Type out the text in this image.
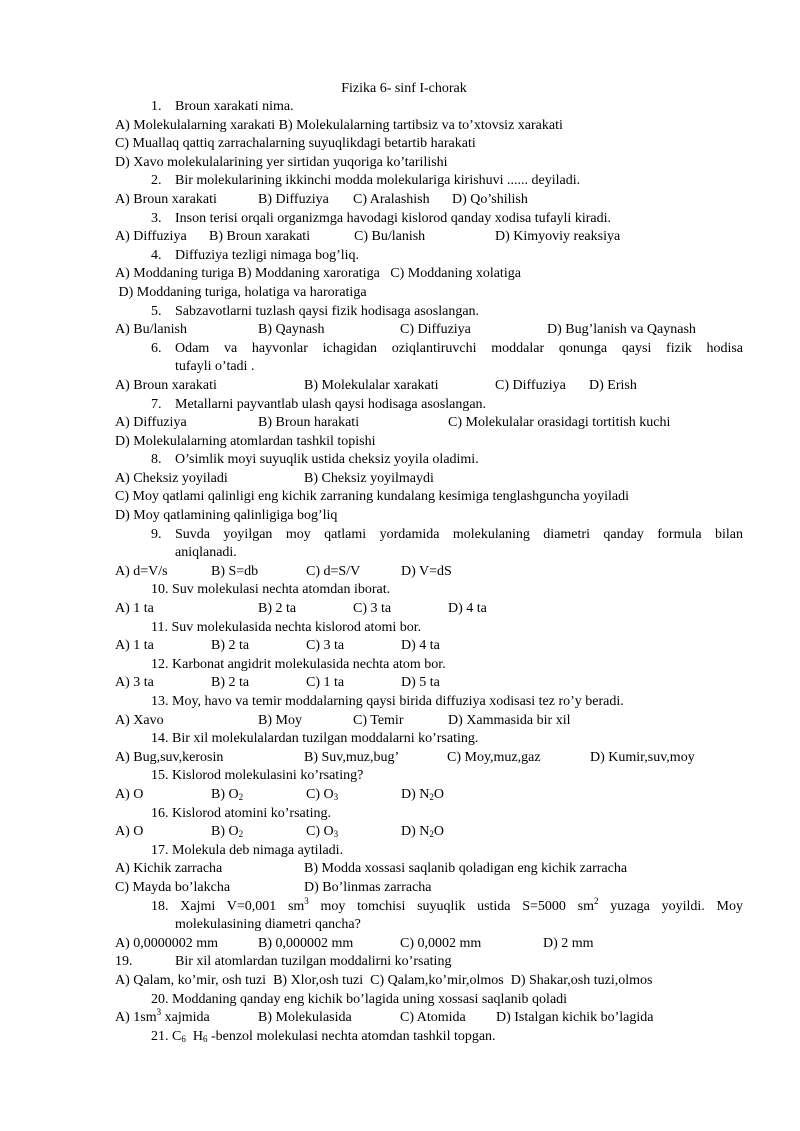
Fizika 6- sinf I-chorak
1. Broun xarakati nima.
A) Molekulalarning xarakati B) Molekulalarning tartibsiz va to’xtovsiz xarakati
C) Muallaq qattiq zarrachalarning suyuqlikdagi betartib harakati
D) Xavo molekulalarining yer sirtidan yuqoriga ko’tarilishi
2. Bir molekularining ikkinchi modda molekulariga kirishuvi ...... deyiladi.
A) Broun xarakati	B) Diffuziya	C) Aralashish	D) Qo’shilish
3. Inson terisi orqali organizmga havodagi kislorod qanday xodisa tufayli kiradi.
A) Diffuziya	B) Broun xarakati	C) Bu/lanish	D) Kimyoviy reaksiya
4. Diffuziya tezligi nimaga bog’liq.
A) Moddaning turiga B) Moddaning xaroratiga   C) Moddaning xolatiga
D) Moddaning turiga, holatiga va haroratiga
5. Sabzavotlarni tuzlash qaysi fizik hodisaga asoslangan.
A) Bu/lanish	B) Qaynash	C) Diffuziya	D) Bug’lanish va Qaynash
6. Odam va hayvonlar ichagidan oziqlantiruvchi moddalar qonunga qaysi fizik hodisa
tufayli o’tadi .
A) Broun xarakati	B) Molekulalar xarakati	C) Diffuziya	D) Erish
7. Metallarni payvantlab ulash qaysi hodisaga asoslangan.
A) Diffuziya	B) Broun harakati	C) Molekulalar orasidagi tortitish kuchi
D) Molekulalarning atomlardan tashkil topishi
8. O’simlik moyi suyuqlik ustida cheksiz yoyila oladimi.
A) Cheksiz yoyiladi	B) Cheksiz yoyilmaydi
C) Moy qatlami qalinligi eng kichik zarraning kundalang kesimiga tenglashguncha yoyiladi
D) Moy qatlamining qalinligiga bog’liq
9. Suvda yoyilgan moy qatlami yordamida molekulaning diametri qanday formula bilan
aniqlanadi.
A) d=V/s	B) S=db	C) d=S/V	D) V=dS
10. Suv molekulasi nechta atomdan iborat.
A) 1 ta	B) 2 ta	C) 3 ta	D) 4 ta
11. Suv molekulasida nechta kislorod atomi bor.
A) 1 ta	B) 2 ta	C) 3 ta	D) 4 ta
12. Karbonat angidrit molekulasida nechta atom bor.
A) 3 ta	B) 2 ta	C) 1 ta	D) 5 ta
13. Moy, havo va temir moddalarning qaysi birida diffuziya xodisasi tez ro’y beradi.
A) Xavo	B) Moy	C) Temir	D) Xammasida bir xil
14. Bir xil molekulalardan tuzilgan moddalarni ko’rsating.
A) Bug,suv,kerosin	B) Suv,muz,bug’	C) Moy,muz,gaz	D) Kumir,suv,moy
15. Kislorod molekulasini ko’rsating?
A) O	B) $O_2$	C) $O_3$	D) $N_2O$
16. Kislorod atomini ko’rsating.
A) O	B) $O_2$	C) $O_3$	D) $N_2O$
17. Molekula deb nimaga aytiladi.
A) Kichik zarracha	B) Modda xossasi saqlanib qoladigan eng kichik zarracha
C) Mayda bo’lakcha	D) Bo’linmas zarracha
18. Xajmi V=0,001 $sm^3$ moy tomchisi suyuqlik ustida S=5000 $sm^2$ yuzaga yoyildi. Moy
molekulasining diametri qancha?
A) 0,0000002 mm	B) 0,000002 mm	C) 0,0002 mm	D) 2 mm
19.	Bir xil atomlardan tuzilgan moddalirni ko’rsating
A) Qalam, ko’mir, osh tuzi  B) Xlor,osh tuzi  C) Qalam,ko’mir,olmos  D) Shakar,osh tuzi,olmos
20. Moddaning qanday eng kichik bo’lagida uning xossasi saqlanib qoladi
A) $1sm^3$ xajmida	B) Molekulasida	C) Atomida	D) Istalgan kichik bo’lagida
21. $C_6$  $H_6$ -benzol molekulasi nechta atomdan tashkil topgan.
